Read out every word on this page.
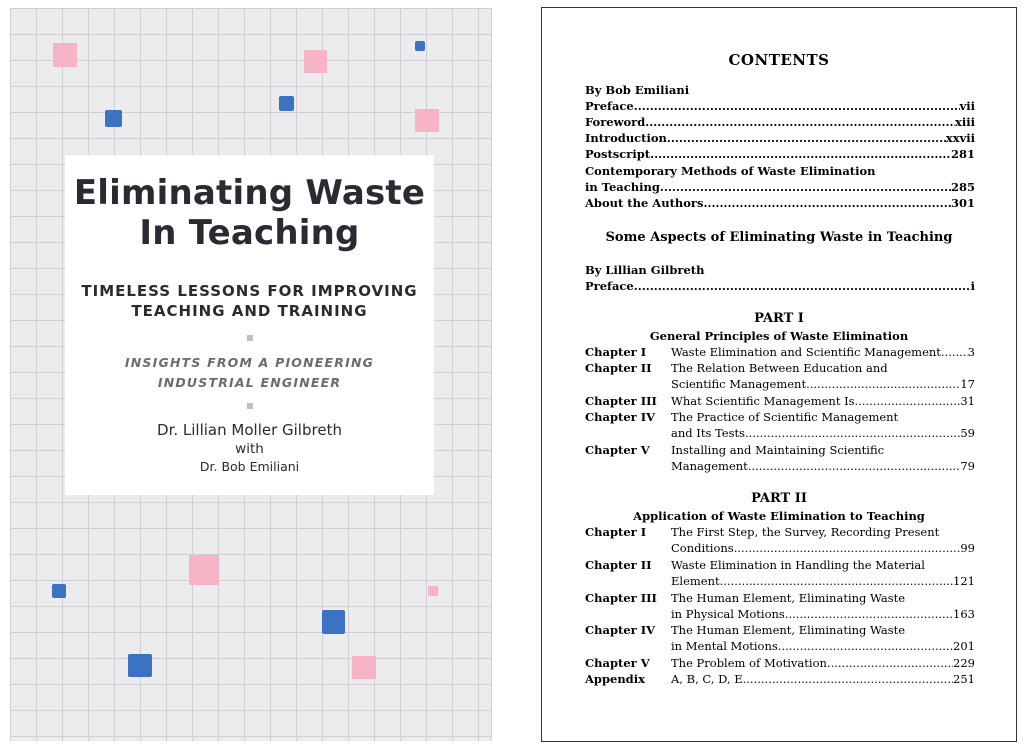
Eliminating Waste
In Teaching
TIMELESS LESSONS FOR IMPROVING
TEACHING AND TRAINING
INSIGHTS FROM A PIONEERING
INDUSTRIAL ENGINEER
Dr. Lillian Moller Gilbreth
with
Dr. Bob Emiliani
CONTENTS
By Bob Emiliani
Preface .....	vii
Foreword .....	xiii
Introduction .....	xxvii
Postscript .....	281
Contemporary Methods of Waste Elimination
in Teaching .....	285
About the Authors .....	301
Some Aspects of Eliminating Waste in Teaching
By Lillian Gilbreth
Preface .....	i
PART I
General Principles of Waste Elimination
Chapter I	Waste Elimination and Scientific Management ..... 3
Chapter II	The Relation Between Education and
Scientific Management .....	17
Chapter III	What Scientific Management Is .....	31
Chapter IV	The Practice of Scientific Management
and Its Tests .....	59
Chapter V	Installing and Maintaining Scientific
Management .....	79
PART II
Application of Waste Elimination to Teaching
Chapter I	The First Step, the Survey, Recording Present
Conditions .....	99
Chapter II	Waste Elimination in Handling the Material
Element .....	121
Chapter III	The Human Element, Eliminating Waste
in Physical Motions .....	163
Chapter IV	The Human Element, Eliminating Waste
in Mental Motions .....	201
Chapter V	The Problem of Motivation .....	229
Appendix	A, B, C, D, E .....	251
